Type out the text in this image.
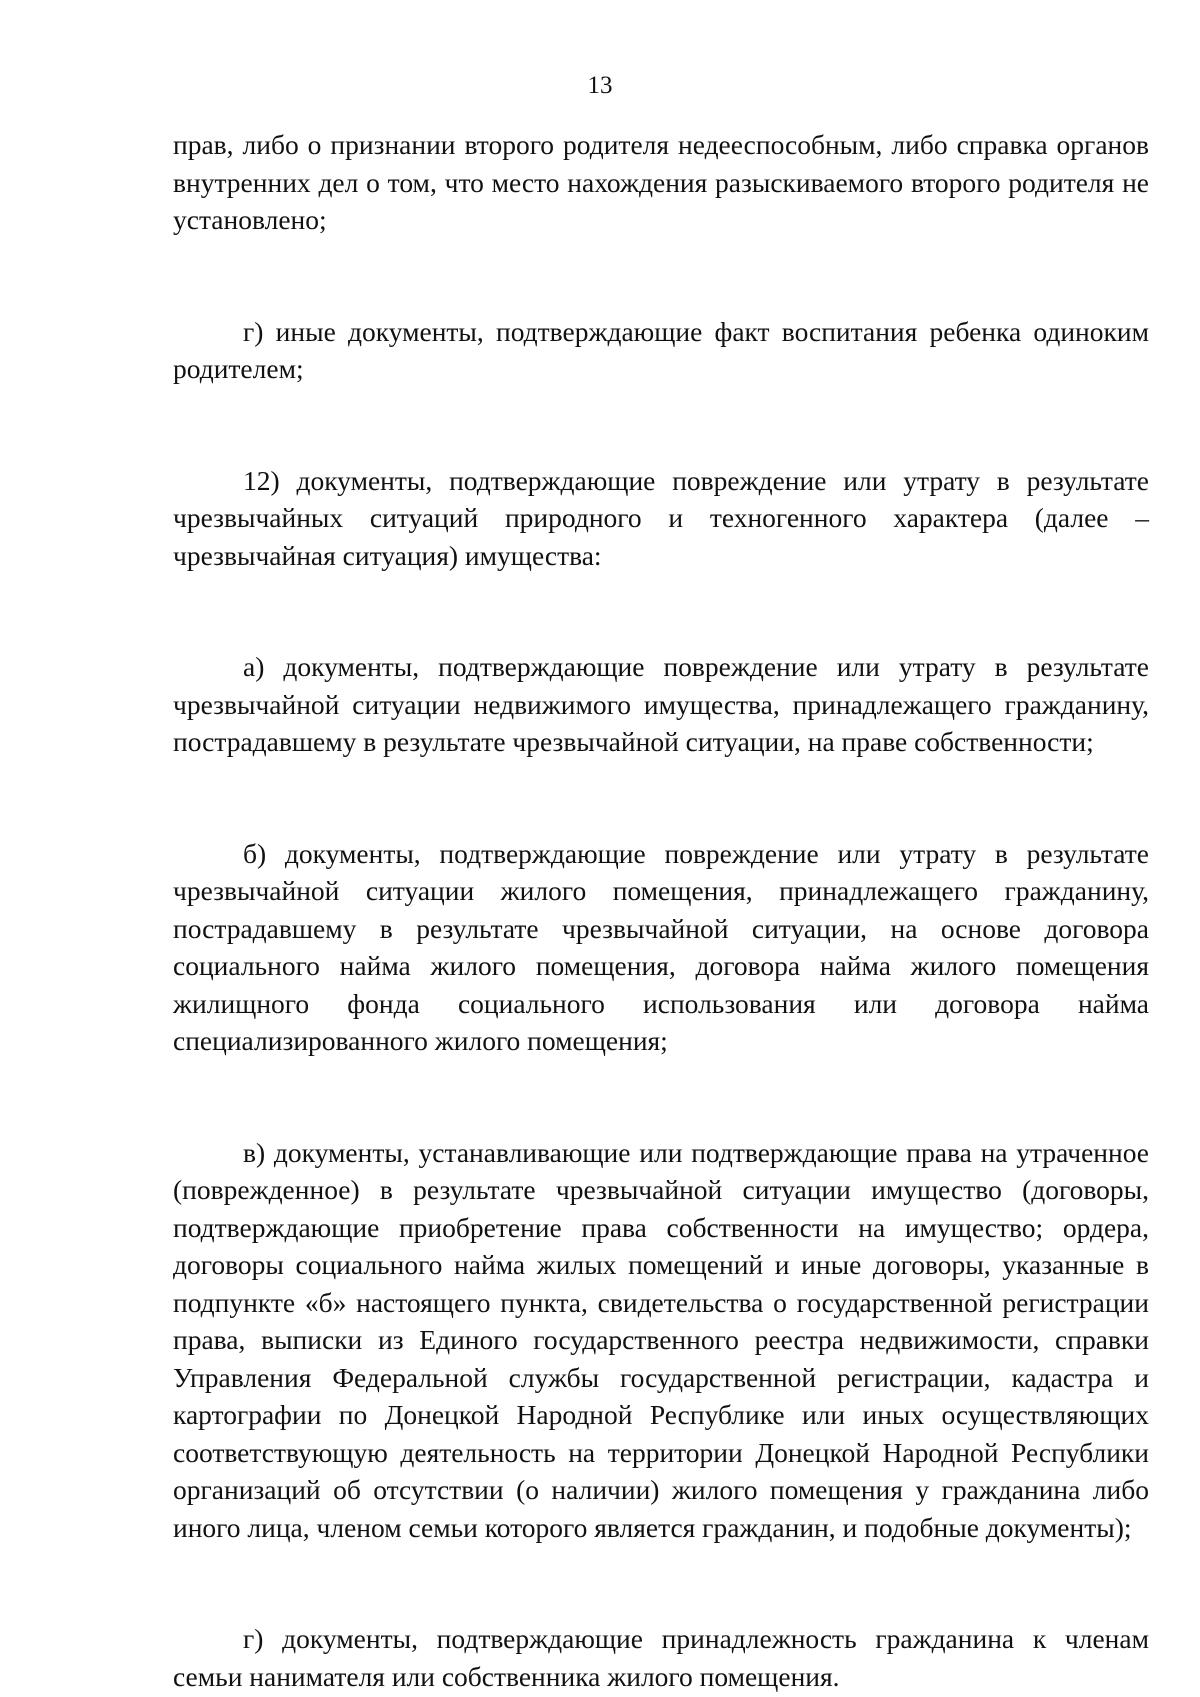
13

прав, либо о признании второго родителя недееспособным, либо справка органов внутренних дел о том, что место нахождения разыскиваемого второго родителя не установлено;

г) иные документы, подтверждающие факт воспитания ребенка одиноким родителем;

12) документы, подтверждающие повреждение или утрату в результате чрезвычайных ситуаций природного и техногенного характера (далее – чрезвычайная ситуация) имущества:

а) документы, подтверждающие повреждение или утрату в результате чрезвычайной ситуации недвижимого имущества, принадлежащего гражданину, пострадавшему в результате чрезвычайной ситуации, на праве собственности;

б) документы, подтверждающие повреждение или утрату в результате чрезвычайной ситуации жилого помещения, принадлежащего гражданину, пострадавшему в результате чрезвычайной ситуации, на основе договора социального найма жилого помещения, договора найма жилого помещения жилищного фонда социального использования или договора найма специализированного жилого помещения;

в) документы, устанавливающие или подтверждающие права на утраченное (поврежденное) в результате чрезвычайной ситуации имущество (договоры, подтверждающие приобретение права собственности на имущество; ордера, договоры социального найма жилых помещений и иные договоры, указанные в подпункте «б» настоящего пункта, свидетельства о государственной регистрации права, выписки из Единого государственного реестра недвижимости, справки Управления Федеральной службы государственной регистрации, кадастра и картографии по Донецкой Народной Республике или иных осуществляющих соответствующую деятельность на территории Донецкой Народной Республики организаций об отсутствии (о наличии) жилого помещения у гражданина либо иного лица, членом семьи которого является гражданин, и подобные документы);

г) документы, подтверждающие принадлежность гражданина к членам семьи нанимателя или собственника жилого помещения.
